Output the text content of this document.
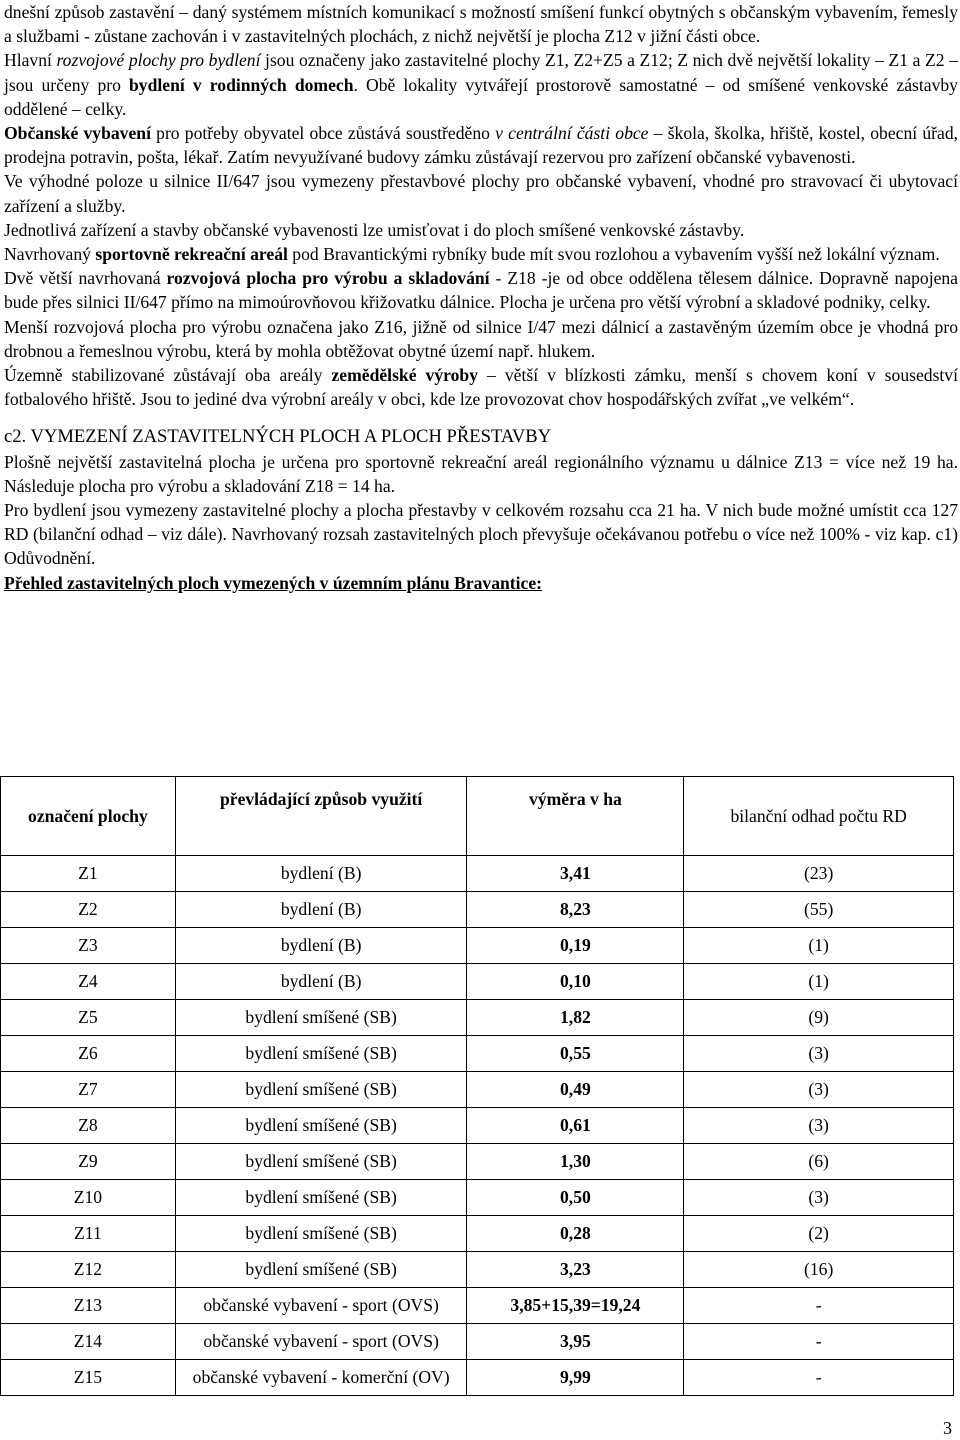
dnešní způsob zastavění – daný systémem místních komunikací s možností smíšení funkcí obytných s občanským vybavením, řemesly a službami - zůstane zachován i v zastavitelných plochách, z nichž největší je plocha Z12 v jižní části obce.

Hlavní rozvojové plochy pro bydlení jsou označeny jako zastavitelné plochy Z1, Z2+Z5 a Z12; Z nich dvě největší lokality – Z1 a Z2 – jsou určeny pro bydlení v rodinných domech. Obě lokality vytvářejí prostorově samostatné – od smíšené venkovské zástavby oddělené – celky.

Občanské vybavení pro potřeby obyvatel obce zůstává soustředěno v centrální části obce – škola, školka, hřiště, kostel, obecní úřad, prodejna potravin, pošta, lékař. Zatím nevyužívané budovy zámku zůstávají rezervou pro zařízení občanské vybavenosti.

Ve výhodné poloze u silnice II/647 jsou vymezeny přestavbové plochy pro občanské vybavení, vhodné pro stravovací či ubytovací zařízení a služby.

Jednotlivá zařízení a stavby občanské vybavenosti lze umisťovat i do ploch smíšené venkovské zástavby.

Navrhovaný sportovně rekreační areál pod Bravantickými rybníky bude mít svou rozlohou a vybavením vyšší než lokální význam.

Dvě větší navrhovaná rozvojová plocha pro výrobu a skladování - Z18 -je od obce oddělena tělesem dálnice. Dopravně napojena bude přes silnici II/647 přímo na mimoúrovňovou křižovatku dálnice. Plocha je určena pro větší výrobní a skladové podniky, celky.

Menší rozvojová plocha pro výrobu označena jako Z16, jižně od silnice I/47 mezi dálnicí a zastavěným územím obce je vhodná pro drobnou a řemeslnou výrobu, která by mohla obtěžovat obytné území např. hlukem.

Územně stabilizované zůstávají oba areály zemědělské výroby – větší v blízkosti zámku, menší s chovem koní v sousedství fotbalového hřiště. Jsou to jediné dva výrobní areály v obci, kde lze provozovat chov hospodářských zvířat „ve velkém“.

c2. VYMEZENÍ ZASTAVITELNÝCH PLOCH A PLOCH PŘESTAVBY

Plošně největší zastavitelná plocha je určena pro sportovně rekreační areál regionálního významu u dálnice Z13 = více než 19 ha. Následuje plocha pro výrobu a skladování Z18 = 14 ha.

Pro bydlení jsou vymezeny zastavitelné plochy a plocha přestavby v celkovém rozsahu cca 21 ha. V nich bude možné umístit cca 127 RD (bilanční odhad – viz dále). Navrhovaný rozsah zastavitelných ploch převyšuje očekávanou potřebu o více než 100% - viz kap. c1) Odůvodnění.

Přehled zastavitelných ploch vymezených v územním plánu Bravantice:

označení plochy	převládající způsob využití	výměra v ha	bilanční odhad počtu RD
Z1	bydlení (B)	3,41	(23)
Z2	bydlení (B)	8,23	(55)
Z3	bydlení (B)	0,19	(1)
Z4	bydlení (B)	0,10	(1)
Z5	bydlení smíšené (SB)	1,82	(9)
Z6	bydlení smíšené (SB)	0,55	(3)
Z7	bydlení smíšené (SB)	0,49	(3)
Z8	bydlení smíšené (SB)	0,61	(3)
Z9	bydlení smíšené (SB)	1,30	(6)
Z10	bydlení smíšené (SB)	0,50	(3)
Z11	bydlení smíšené (SB)	0,28	(2)
Z12	bydlení smíšené (SB)	3,23	(16)
Z13	občanské vybavení - sport (OVS)	3,85+15,39=19,24	-
Z14	občanské vybavení - sport (OVS)	3,95	-
Z15	občanské vybavení - komerční (OV)	9,99	-
3
